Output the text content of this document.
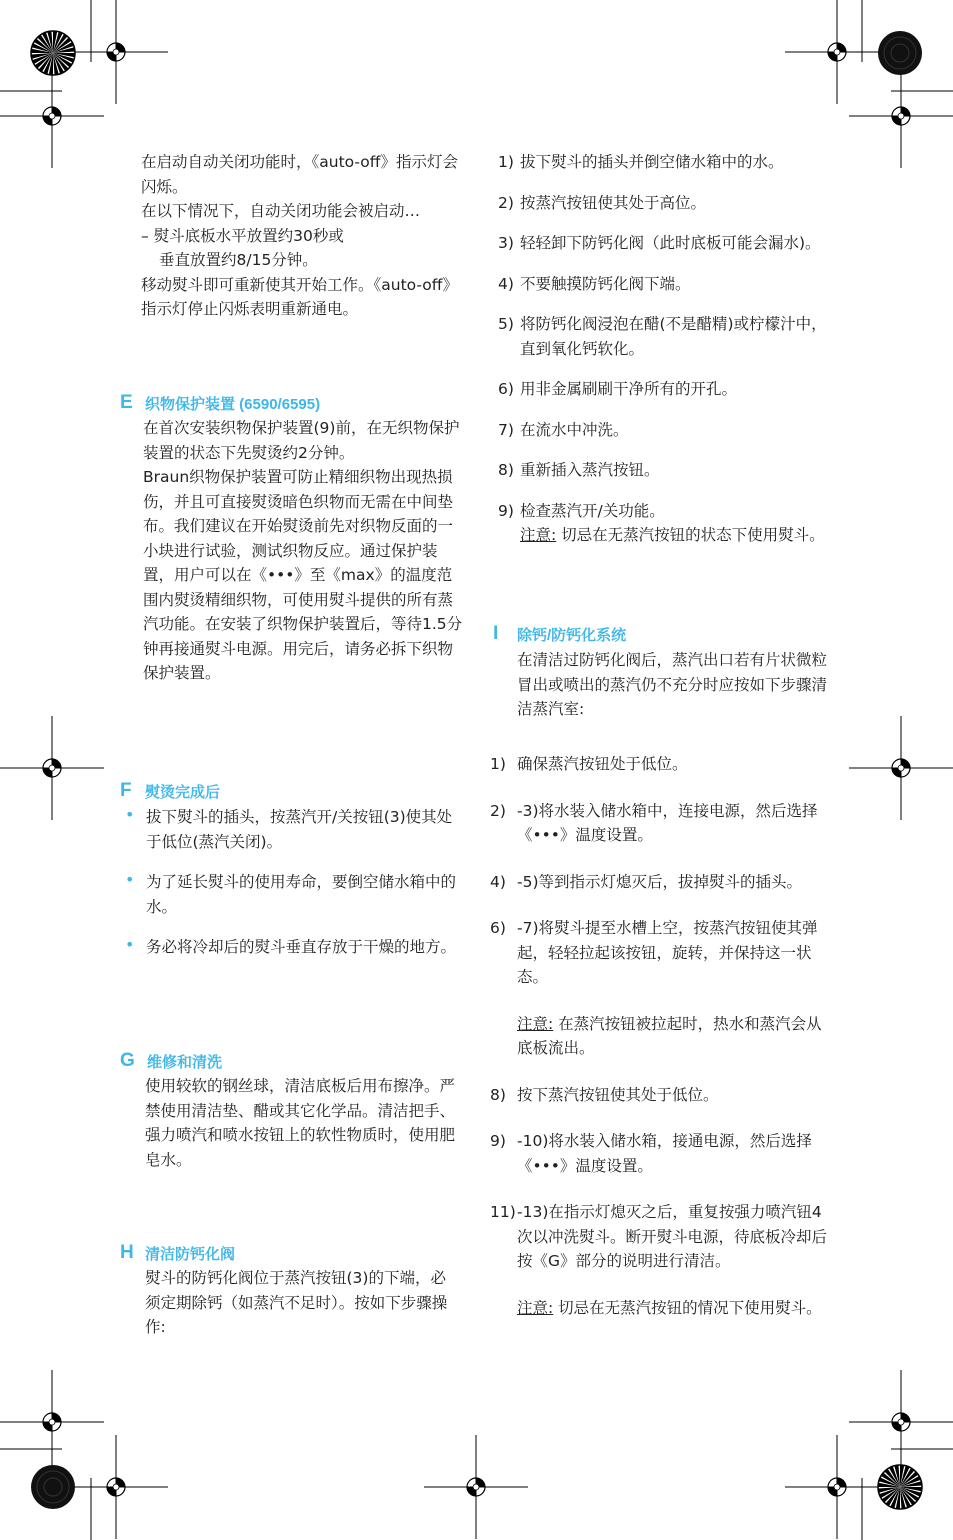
在启动自动关闭功能时，《auto-off》指示灯会闪烁。

在以下情况下，自动关闭功能会被启动…

– 熨斗底板水平放置约30秒或

垂直放置约8/15分钟。

移动熨斗即可重新使其开始工作。《auto-off》指示灯停止闪烁表明重新通电。

E 织物保护装置 (6590/6595)

在首次安装织物保护装置(9)前，在无织物保护装置的状态下先熨烫约2分钟。

Braun织物保护装置可防止精细织物出现热损伤，并且可直接熨烫暗色织物而无需在中间垫布。我们建议在开始熨烫前先对织物反面的一小块进行试验，测试织物反应。通过保护装置，用户可以在《•••》至《max》的温度范围内熨烫精细织物，可使用熨斗提供的所有蒸汽功能。在安装了织物保护装置后，等待1.5分钟再接通熨斗电源。用完后，请务必拆下织物保护装置。

F 熨烫完成后
• 拔下熨斗的插头，按蒸汽开/关按钮(3)使其处于低位(蒸汽关闭)。
• 为了延长熨斗的使用寿命，要倒空储水箱中的水。
• 务必将冷却后的熨斗垂直存放于干燥的地方。
G 维修和清洗

使用较软的钢丝球，清洁底板后用布擦净。严禁使用清洁垫、醋或其它化学品。清洁把手、强力喷汽和喷水按钮上的软性物质时，使用肥皂水。

H 清洁防钙化阀

熨斗的防钙化阀位于蒸汽按钮(3)的下端，必须定期除钙（如蒸汽不足时）。按如下步骤操作:

1) 拔下熨斗的插头并倒空储水箱中的水。
2) 按蒸汽按钮使其处于高位。
3) 轻轻卸下防钙化阀（此时底板可能会漏水)。
4) 不要触摸防钙化阀下端。
5) 将防钙化阀浸泡在醋(不是醋精)或柠檬汁中，直到氧化钙软化。
6) 用非金属刷刷干净所有的开孔。
7) 在流水中冲洗。
8) 重新插入蒸汽按钮。
9) 检查蒸汽开/关功能。

注意: 切忌在无蒸汽按钮的状态下使用熨斗。

I 除钙/防钙化系统

在清洁过防钙化阀后，蒸汽出口若有片状微粒冒出或喷出的蒸汽仍不充分时应按如下步骤清洁蒸汽室:

1) 确保蒸汽按钮处于低位。
2) -3)将水装入储水箱中，连接电源，然后选择《•••》温度设置。
4) -5)等到指示灯熄灭后，拔掉熨斗的插头。
6) -7)将熨斗提至水槽上空，按蒸汽按钮使其弹起，轻轻拉起该按钮，旋转，并保持这一状态。

注意: 在蒸汽按钮被拉起时，热水和蒸汽会从底板流出。

8) 按下蒸汽按钮使其处于低位。
9) -10)将水装入储水箱，接通电源，然后选择《•••》温度设置。
11) -13)在指示灯熄灭之后，重复按强力喷汽钮4次以冲洗熨斗。断开熨斗电源，待底板冷却后按《G》部分的说明进行清洁。

注意: 切忌在无蒸汽按钮的情况下使用熨斗。
